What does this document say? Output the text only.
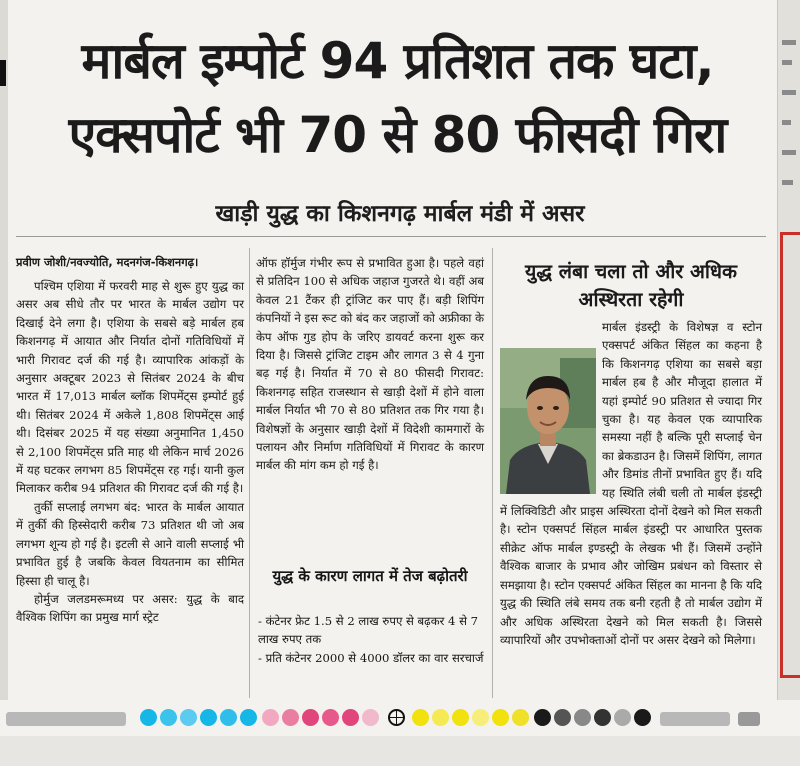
मार्बल इम्पोर्ट 94 प्रतिशत तक घटा,
एक्सपोर्ट भी 70 से 80 फीसदी गिरा
खाड़ी युद्ध का किशनगढ़ मार्बल मंडी में असर

प्रवीण जोशी/नवज्योति, मदनगंज-किशनगढ़।

पश्चिम एशिया में फरवरी माह से शुरू हुए युद्ध का असर अब सीधे तौर पर भारत के मार्बल उद्योग पर दिखाई देने लगा है। एशिया के सबसे बड़े मार्बल हब किशनगढ़ में आयात और निर्यात दोनों गतिविधियों में भारी गिरावट दर्ज की गई है। व्यापारिक आंकड़ों के अनुसार अक्टूबर 2023 से सितंबर 2024 के बीच भारत में 17,013 मार्बल ब्लॉक शिपमेंट्स इम्पोर्ट हुई थी। सितंबर 2024 में अकेले 1,808 शिपमेंट्स आई थी। दिसंबर 2025 में यह संख्या अनुमानित 1,450 से 2,100 शिपमेंट्स प्रति माह थी लेकिन मार्च 2026 में यह घटकर लगभग 85 शिपमेंट्स रह गई। यानी कुल मिलाकर करीब 94 प्रतिशत की गिरावट दर्ज की गई है।

तुर्की सप्लाई लगभग बंद: भारत के मार्बल आयात में तुर्की की हिस्सेदारी करीब 73 प्रतिशत थी जो अब लगभग शून्य हो गई है। इटली से आने वाली सप्लाई भी प्रभावित हुई है जबकि केवल वियतनाम का सीमित हिस्सा ही चालू है।

होर्मुज जलडमरूमध्य पर असर: युद्ध के बाद वैश्विक शिपिंग का प्रमुख मार्ग स्ट्रेट

ऑफ हॉर्मुज गंभीर रूप से प्रभावित हुआ है। पहले वहां से प्रतिदिन 100 से अधिक जहाज गुजरते थे। वहीं अब केवल 21 टैंकर ही ट्रांजिट कर पाए हैं। बड़ी शिपिंग कंपनियों ने इस रूट को बंद कर जहाजों को अफ्रीका के केप ऑफ गुड होप के जरिए डायवर्ट करना शुरू कर दिया है। जिससे ट्रांजिट टाइम और लागत 3 से 4 गुना बढ़ गई है। निर्यात में 70 से 80 फीसदी गिरावट: किशनगढ़ सहित राजस्थान से खाड़ी देशों में होने वाला मार्बल निर्यात भी 70 से 80 प्रतिशत तक गिर गया है। विशेषज्ञों के अनुसार खाड़ी देशों में विदेशी कामगारों के पलायन और निर्माण गतिविधियों में गिरावट के कारण मार्बल की मांग कम हो गई है।

युद्ध के कारण लागत में तेज बढ़ोतरी

- कंटेनर फ्रेट 1.5 से 2 लाख रुपए से बढ़कर 4 से 7 लाख रुपए तक

- प्रति कंटेनर 2000 से 4000 डॉलर का वार सरचार्ज

युद्ध लंबा चला तो और अधिक अस्थिरता रहेगी

मार्बल इंडस्ट्री के विशेषज्ञ व स्टोन एक्सपर्ट अंकित सिंहल का कहना है कि किशनगढ़ एशिया का सबसे बड़ा मार्बल हब है और मौजूदा हालात में यहां इम्पोर्ट 90 प्रतिशत से ज्यादा गिर चुका है। यह केवल एक व्यापारिक समस्या नहीं है बल्कि पूरी सप्लाई चेन का ब्रेकडाउन है। जिसमें शिपिंग, लागत और डिमांड तीनों प्रभावित हुए हैं। यदि यह स्थिति लंबी चली तो मार्बल इंडस्ट्री में लिक्विडिटी और प्राइस अस्थिरता दोनों देखने को मिल सकती है। स्टोन एक्सपर्ट सिंहल मार्बल इंडस्ट्री पर आधारित पुस्तक सीक्रेट ऑफ मार्बल इण्डस्ट्री के लेखक भी हैं। जिसमें उन्होंने वैश्विक बाजार के प्रभाव और जोखिम प्रबंधन को विस्तार से समझाया है। स्टोन एक्सपर्ट अंकित सिंहल का मानना है कि यदि युद्ध की स्थिति लंबे समय तक बनी रहती है तो मार्बल उद्योग में और अधिक अस्थिरता देखने को मिल सकती है। जिससे व्यापारियों और उपभोक्ताओं दोनों पर असर देखने को मिलेगा।
